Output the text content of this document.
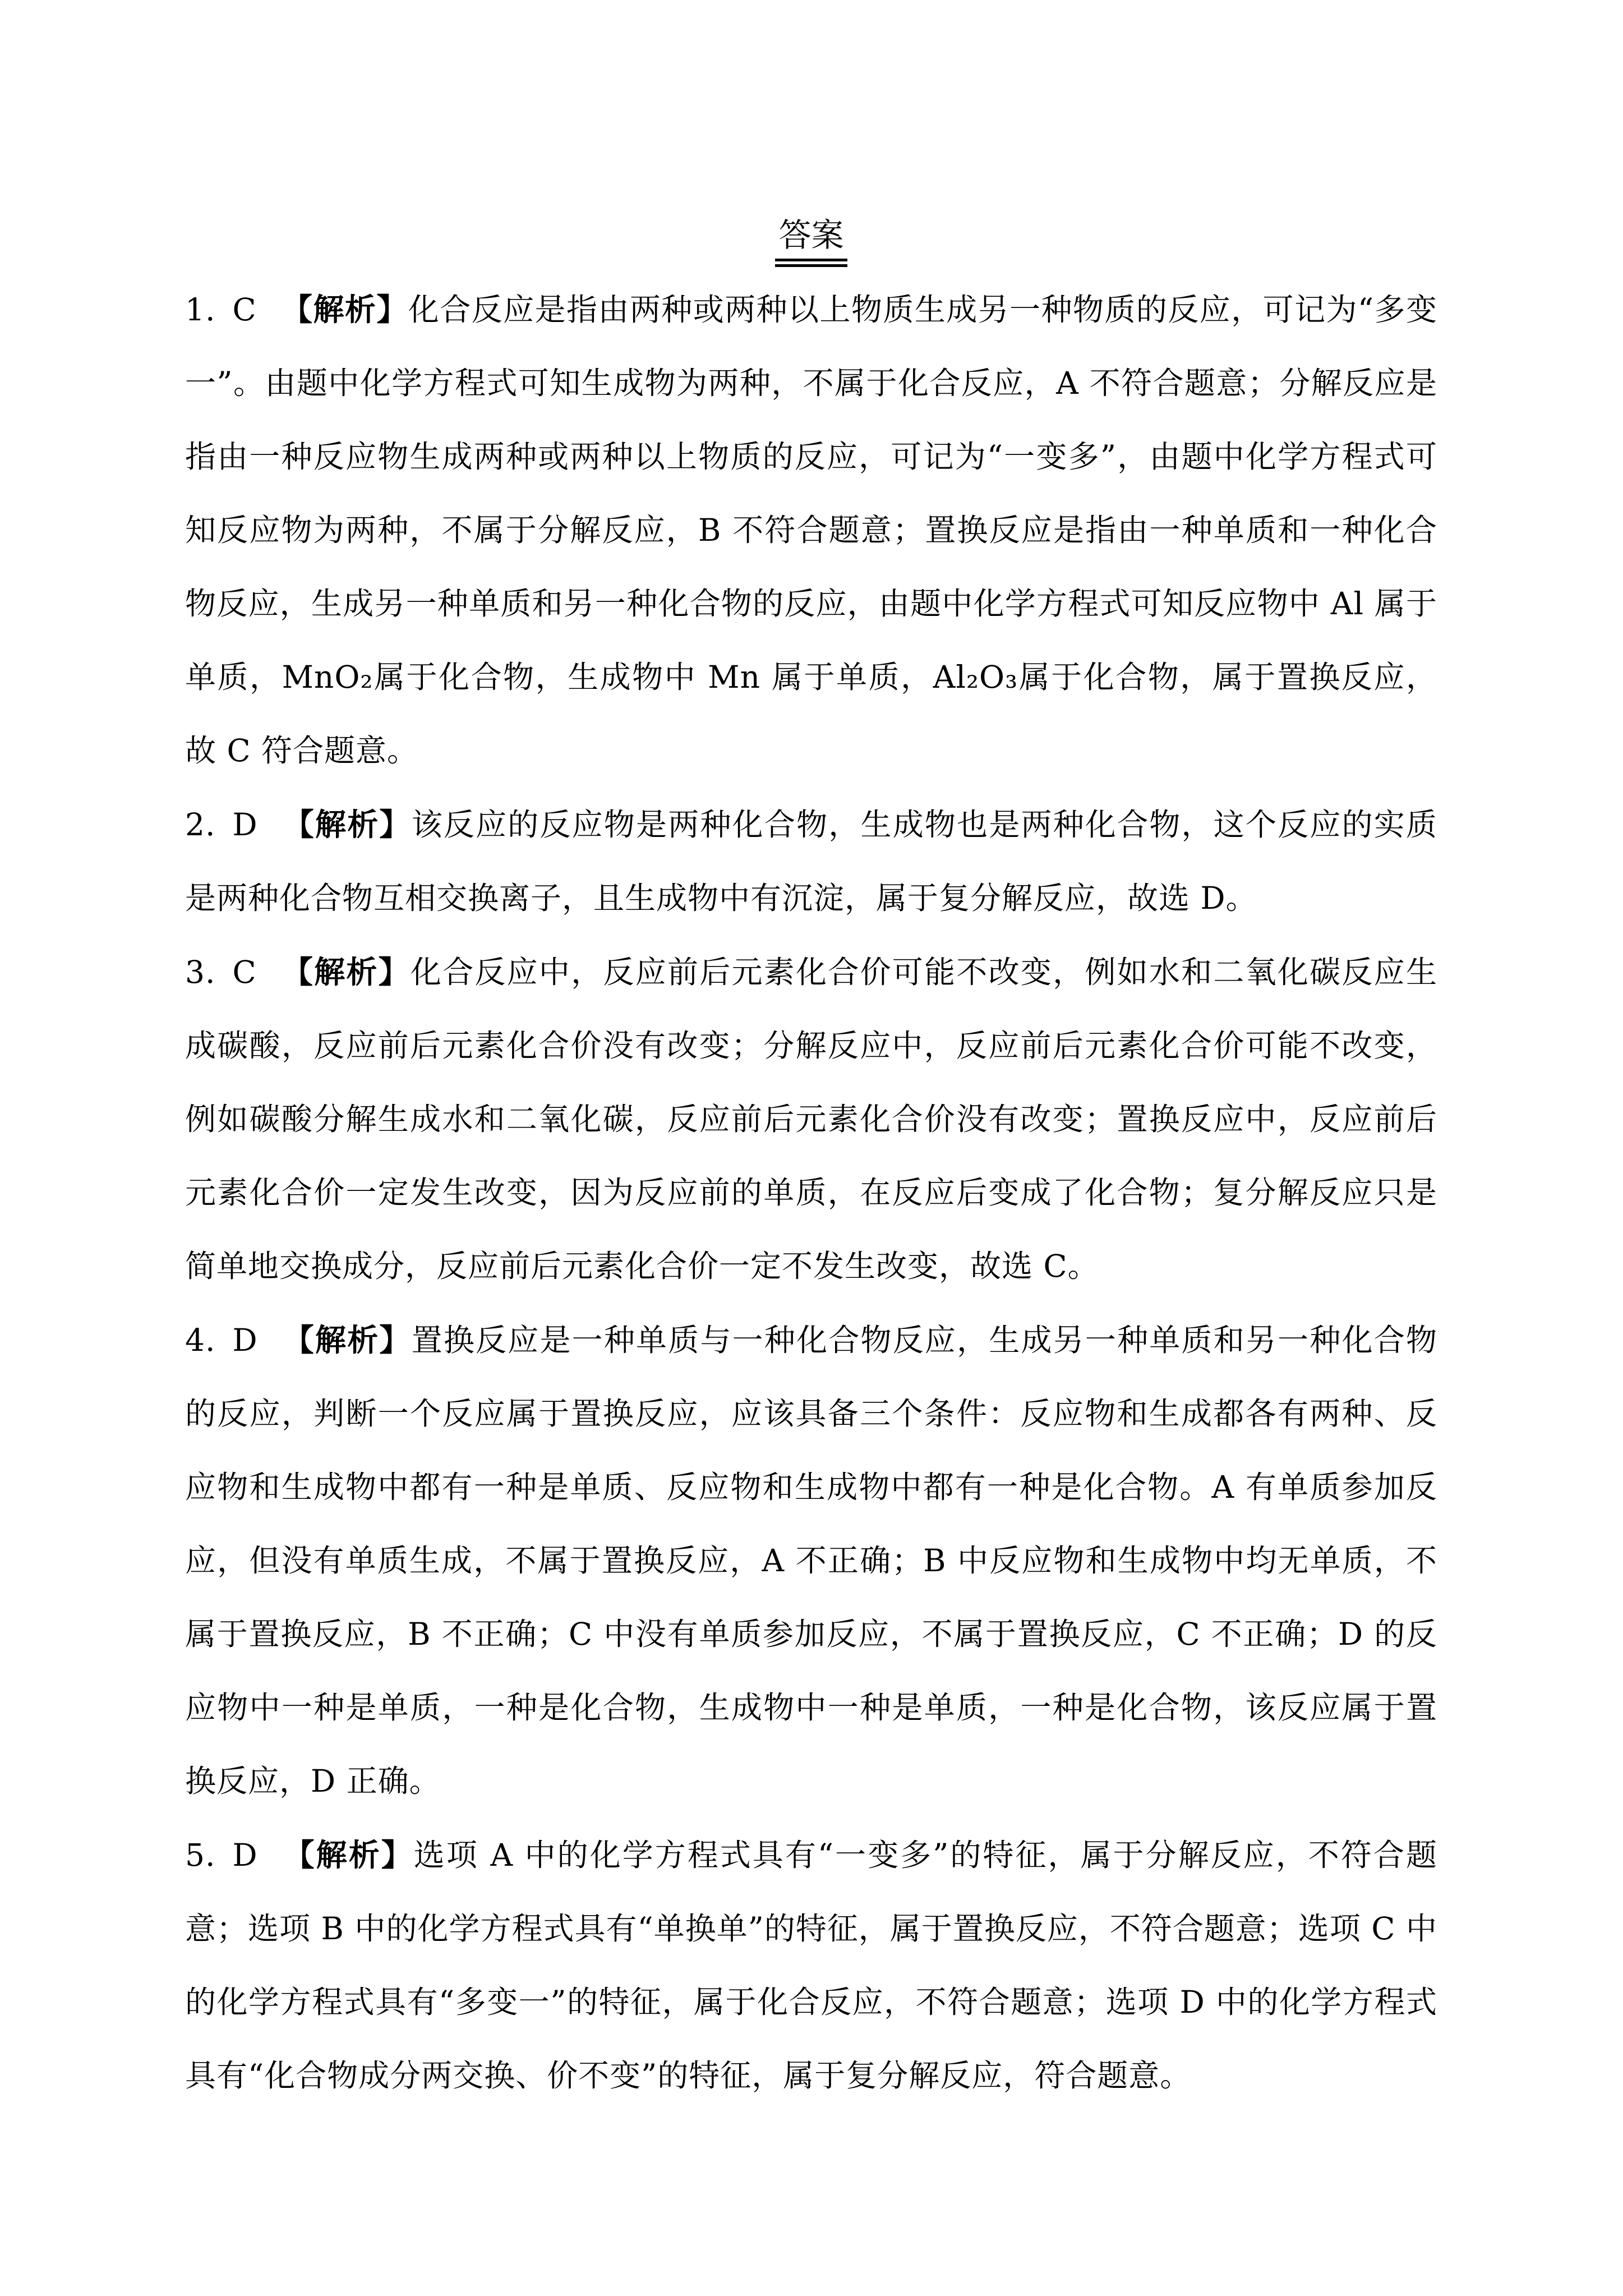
答案

1. C 【解析】化合反应是指由两种或两种以上物质生成另一种物质的反应，可记为“多变一”。由题中化学方程式可知生成物为两种，不属于化合反应，A 不符合题意；分解反应是指由一种反应物生成两种或两种以上物质的反应，可记为“一变多”，由题中化学方程式可知反应物为两种，不属于分解反应，B 不符合题意；置换反应是指由一种单质和一种化合物反应，生成另一种单质和另一种化合物的反应，由题中化学方程式可知反应物中 Al 属于单质，MnO₂属于化合物，生成物中 Mn 属于单质，Al₂O₃属于化合物，属于置换反应，故 C 符合题意。

2. D 【解析】该反应的反应物是两种化合物，生成物也是两种化合物，这个反应的实质是两种化合物互相交换离子，且生成物中有沉淀，属于复分解反应，故选 D。

3. C 【解析】化合反应中，反应前后元素化合价可能不改变，例如水和二氧化碳反应生成碳酸，反应前后元素化合价没有改变；分解反应中，反应前后元素化合价可能不改变，例如碳酸分解生成水和二氧化碳，反应前后元素化合价没有改变；置换反应中，反应前后元素化合价一定发生改变，因为反应前的单质，在反应后变成了化合物；复分解反应只是简单地交换成分，反应前后元素化合价一定不发生改变，故选 C。

4. D 【解析】置换反应是一种单质与一种化合物反应，生成另一种单质和另一种化合物的反应，判断一个反应属于置换反应，应该具备三个条件：反应物和生成都各有两种、反应物和生成物中都有一种是单质、反应物和生成物中都有一种是化合物。A 有单质参加反应，但没有单质生成，不属于置换反应，A 不正确；B 中反应物和生成物中均无单质，不属于置换反应，B 不正确；C 中没有单质参加反应，不属于置换反应，C 不正确；D 的反应物中一种是单质，一种是化合物，生成物中一种是单质，一种是化合物，该反应属于置换反应，D 正确。

5. D 【解析】选项 A 中的化学方程式具有“一变多”的特征，属于分解反应，不符合题意；选项 B 中的化学方程式具有“单换单”的特征，属于置换反应，不符合题意；选项 C 中的化学方程式具有“多变一”的特征，属于化合反应，不符合题意；选项 D 中的化学方程式具有“化合物成分两交换、价不变”的特征，属于复分解反应，符合题意。
